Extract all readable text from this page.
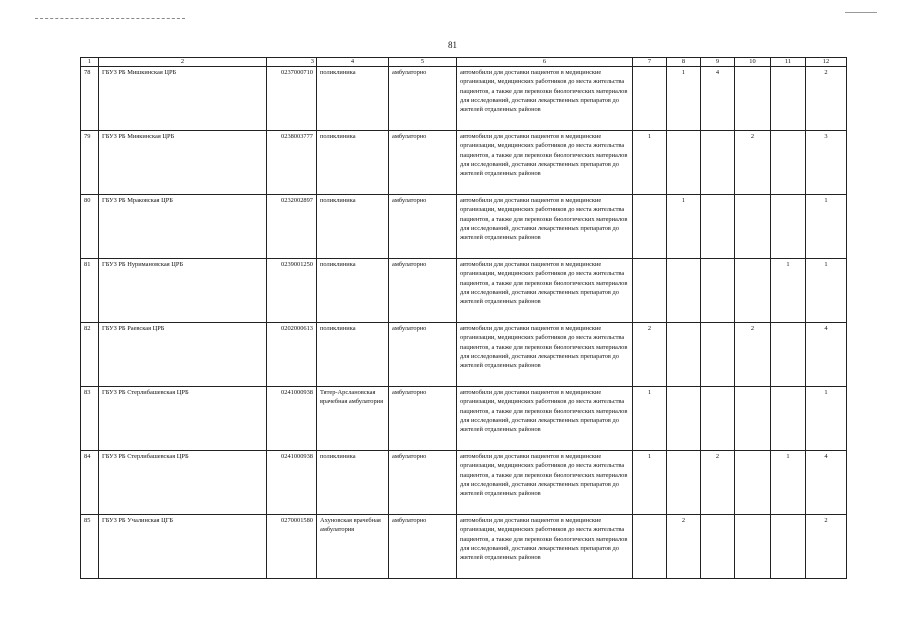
81
1	2	3	4	5	6	7	8	9	10	11	12
78	ГБУЗ РБ Мишкинская ЦРБ	0237000710	поликлиника	амбулаторно	автомобили для доставки пациентов в медицинские организации, медицинских работников до места жительства пациентов, а также для перевозки биологических материалов для исследований, доставки лекарственных препаратов до жителей отдаленных районов		1	4			2
79	ГБУЗ РБ Миякинская ЦРБ	0238003777	поликлиника	амбулаторно	автомобили для доставки пациентов в медицинские организации, медицинских работников до места жительства пациентов, а также для перевозки биологических материалов для исследований, доставки лекарственных препаратов до жителей отдаленных районов	1			2		3
80	ГБУЗ РБ Мраковская ЦРБ	0232002897	поликлиника	амбулаторно	автомобили для доставки пациентов в медицинские организации, медицинских работников до места жительства пациентов, а также для перевозки биологических материалов для исследований, доставки лекарственных препаратов до жителей отдаленных районов		1				1
81	ГБУЗ РБ Нуримановская ЦРБ	0239001250	поликлиника	амбулаторно	автомобили для доставки пациентов в медицинские организации, медицинских работников до места жительства пациентов, а также для перевозки биологических материалов для исследований, доставки лекарственных препаратов до жителей отдаленных районов					1	1
82	ГБУЗ РБ Раевская ЦРБ	0202000613	поликлиника	амбулаторно	автомобили для доставки пациентов в медицинские организации, медицинских работников до места жительства пациентов, а также для перевозки биологических материалов для исследований, доставки лекарственных препаратов до жителей отдаленных районов	2			2		4
83	ГБУЗ РБ Стерлибашевская ЦРБ	0241000938	Тятер-Арслановская врачебная амбулатория	амбулаторно	автомобили для доставки пациентов в медицинские организации, медицинских работников до места жительства пациентов, а также для перевозки биологических материалов для исследований, доставки лекарственных препаратов до жителей отдаленных районов	1					1
84	ГБУЗ РБ Стерлибашевская ЦРБ	0241000938	поликлиника	амбулаторно	автомобили для доставки пациентов в медицинские организации, медицинских работников до места жительства пациентов, а также для перевозки биологических материалов для исследований, доставки лекарственных препаратов до жителей отдаленных районов	1		2		1	4
85	ГБУЗ РБ Учалинская ЦГБ	0270001580	Ахуновская врачебная амбулатория	амбулаторно	автомобили для доставки пациентов в медицинские организации, медицинских работников до места жительства пациентов, а также для перевозки биологических материалов для исследований, доставки лекарственных препаратов до жителей отдаленных районов		2				2
